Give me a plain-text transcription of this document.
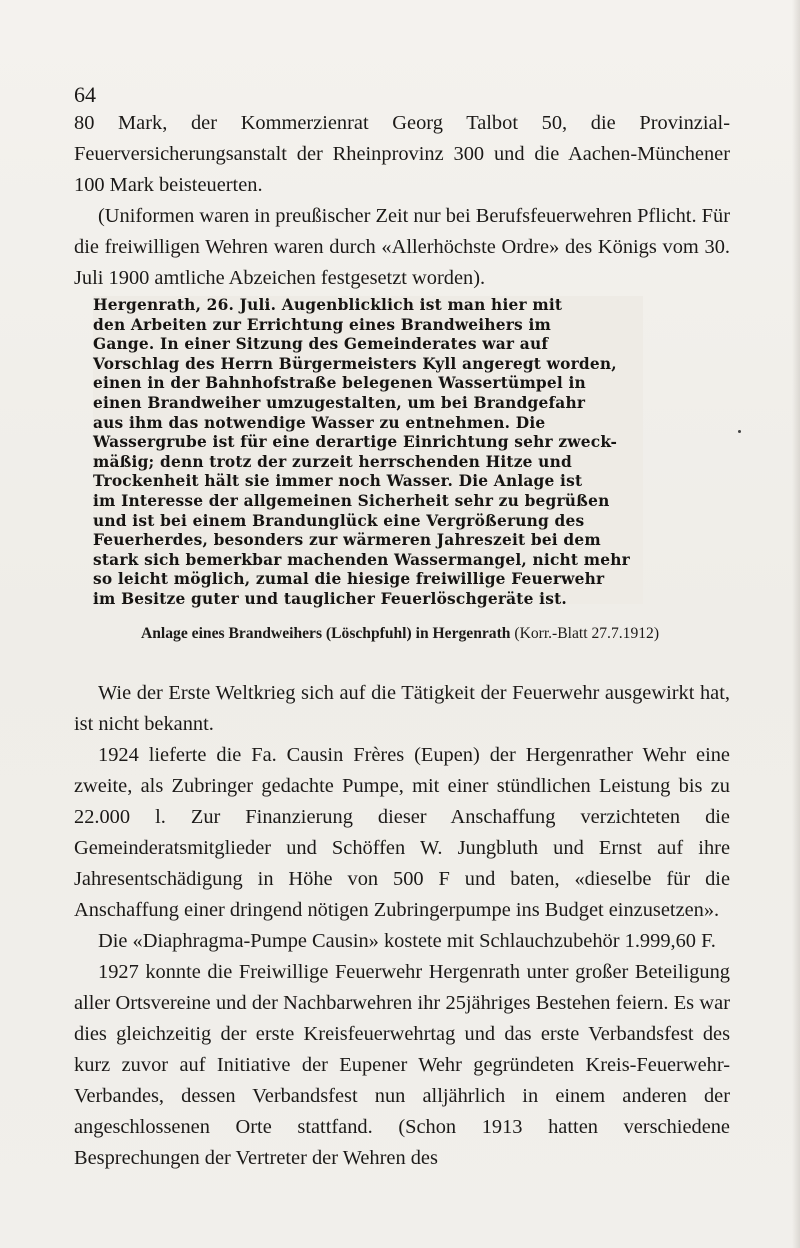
64

80 Mark, der Kommerzienrat Georg Talbot 50, die Provinzial-Feuerversicherungsanstalt der Rheinprovinz 300 und die Aachen-Münchener 100 Mark beisteuerten.

(Uniformen waren in preußischer Zeit nur bei Berufsfeuerwehren Pflicht. Für die freiwilligen Wehren waren durch «Allerhöchste Ordre» des Königs vom 30. Juli 1900 amtliche Abzeichen festgesetzt worden).

Hergenrath, 26. Juli. Augenblicklich ist man hier mit
den Arbeiten zur Errichtung eines Brandweihers im
Gange. In einer Sitzung des Gemeinderates war auf
Vorschlag des Herrn Bürgermeisters Kyll angeregt worden,
einen in der Bahnhofstraße belegenen Wassertümpel in
einen Brandweiher umzugestalten, um bei Brandgefahr
aus ihm das notwendige Wasser zu entnehmen. Die
Wassergrube ist für eine derartige Einrichtung sehr zweck-
mäßig; denn trotz der zurzeit herrschenden Hitze und
Trockenheit hält sie immer noch Wasser. Die Anlage ist
im Interesse der allgemeinen Sicherheit sehr zu begrüßen
und ist bei einem Brandunglück eine Vergrößerung des
Feuerherdes, besonders zur wärmeren Jahreszeit bei dem
stark sich bemerkbar machenden Wassermangel, nicht mehr
so leicht möglich, zumal die hiesige freiwillige Feuerwehr
im Besitze guter und tauglicher Feuerlöschgeräte ist.
Anlage eines Brandweihers (Löschpfuhl) in Hergenrath (Korr.-Blatt 27.7.1912)

Wie der Erste Weltkrieg sich auf die Tätigkeit der Feuerwehr ausgewirkt hat, ist nicht bekannt.

1924 lieferte die Fa. Causin Frères (Eupen) der Hergenrather Wehr eine zweite, als Zubringer gedachte Pumpe, mit einer stündlichen Leistung bis zu 22.000 l. Zur Finanzierung dieser Anschaffung verzichteten die Gemeinderatsmitglieder und Schöffen W. Jungbluth und Ernst auf ihre Jahresentschädigung in Höhe von 500 F und baten, «dieselbe für die Anschaffung einer dringend nötigen Zubringerpumpe ins Budget einzusetzen».

Die «Diaphragma-Pumpe Causin» kostete mit Schlauchzubehör 1.999,60 F.

1927 konnte die Freiwillige Feuerwehr Hergenrath unter großer Beteiligung aller Ortsvereine und der Nachbarwehren ihr 25jähriges Bestehen feiern. Es war dies gleichzeitig der erste Kreisfeuerwehrtag und das erste Verbandsfest des kurz zuvor auf Initiative der Eupener Wehr gegründeten Kreis-Feuerwehr-Verbandes, dessen Verbandsfest nun alljährlich in einem anderen der angeschlossenen Orte stattfand. (Schon 1913 hatten verschiedene Besprechungen der Vertreter der Wehren des
